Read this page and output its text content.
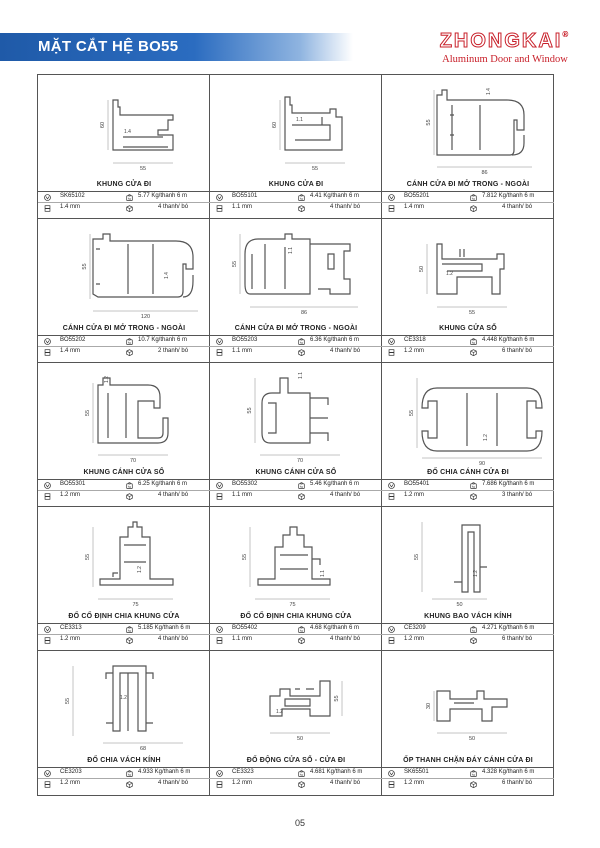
MẶT CẮT HỆ BO55	ZHONGKAI®
Aluminum Door and Window
60
55
1.4
KHUNG CỬA ĐI
SK65102	kg 5.77 Kg/thanh 6 m
1.4 mm	4 thanh/ bó
60
55
1.1
KHUNG CỬA ĐI
BO55101	kg 4.41 Kg/thanh 6 m
1.1 mm	4 thanh/ bó
55
86
1.4
CÁNH CỬA ĐI MỞ TRONG - NGOÀI
BO55201	kg 7.812 Kg/thanh 6 m
1.4 mm	4 thanh/ bó
55
120
1.4
CÁNH CỬA ĐI MỞ TRONG - NGOÀI
BO55202	kg 10.7 Kg/thanh 6 m
1.4 mm	2 thanh/ bó
55
86
1.1
CÁNH CỬA ĐI MỞ TRONG - NGOÀI
BO55203	kg 6.36 Kg/thanh 6 m
1.1 mm	4 thanh/ bó
50
55
1.2
KHUNG CỬA SỔ
CE3318	kg 4.448 Kg/thanh 6 m
1.2 mm	6 thanh/ bó
55
70
1.2
KHUNG CÁNH CỬA SỔ
BO55301	kg 6.25 Kg/thanh 6 m
1.2 mm	4 thanh/ bó
55
70
1.1
KHUNG CÁNH CỬA SỔ
BO55302	kg 5.46 Kg/thanh 6 m
1.1 mm	4 thanh/ bó
55
90
1.2
ĐỐ CHIA CÁNH CỬA ĐI
BO55401	kg 7.686 Kg/thanh 6 m
1.2 mm	3 thanh/ bó
55
75
1.2
ĐỐ CỐ ĐỊNH CHIA KHUNG CỬA
CE3313	kg 5.185 Kg/thanh 6 m
1.2 mm	4 thanh/ bó
55
75
1.1
ĐỐ CỐ ĐỊNH CHIA KHUNG CỬA
BO55402	kg 4.68 Kg/thanh 6 m
1.1 mm	4 thanh/ bó
55
50
1.2
KHUNG BAO VÁCH KÍNH
CE3209	kg 4.271 Kg/thanh 6 m
1.2 mm	6 thanh/ bó
55
68
1.2
ĐỐ CHIA VÁCH KÍNH
CE3203	kg 4.933 Kg/thanh 6 m
1.2 mm	4 thanh/ bó
55
50
1.2
ĐỐ ĐỘNG CỬA SỔ - CỬA ĐI
CE3323	kg 4.681 Kg/thanh 6 m
1.2 mm	4 thanh/ bó
30
50
ỐP THANH CHẶN ĐÁY CÁNH CỬA ĐI
SK65501	kg 4.328 Kg/thanh 6 m
1.2 mm	6 thanh/ bó
05
